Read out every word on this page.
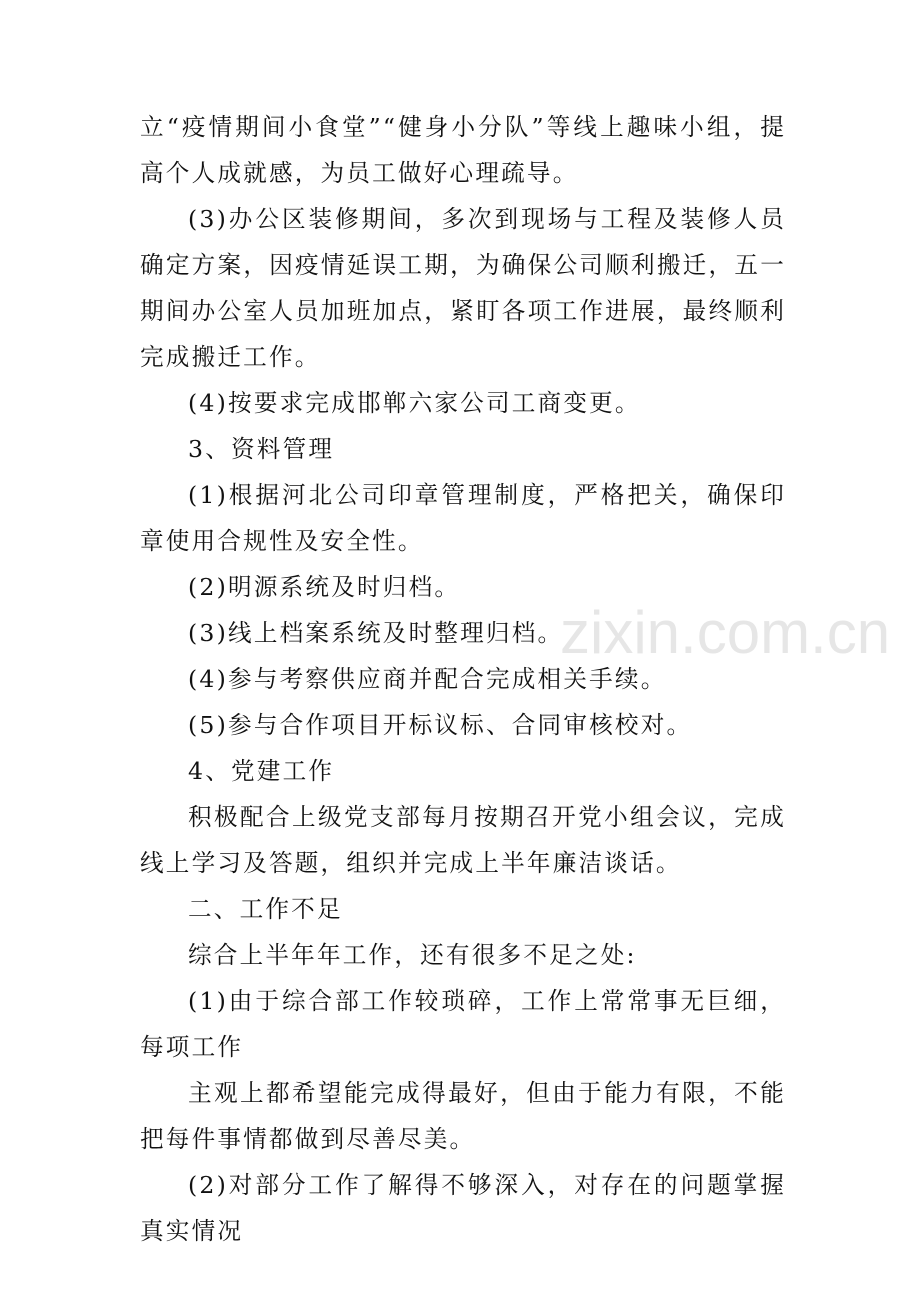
立“疫情期间小食堂”“健身小分队”等线上趣味小组，提高个人成就感，为员工做好心理疏导。

(3)办公区装修期间，多次到现场与工程及装修人员确定方案，因疫情延误工期，为确保公司顺利搬迁，五一期间办公室人员加班加点，紧盯各项工作进展，最终顺利完成搬迁工作。

(4)按要求完成邯郸六家公司工商变更。

3、资料管理

(1)根据河北公司印章管理制度，严格把关，确保印章使用合规性及安全性。

(2)明源系统及时归档。

(3)线上档案系统及时整理归档。

(4)参与考察供应商并配合完成相关手续。

(5)参与合作项目开标议标、合同审核校对。

4、党建工作

积极配合上级党支部每月按期召开党小组会议，完成线上学习及答题，组织并完成上半年廉洁谈话。

二、工作不足

综合上半年年工作，还有很多不足之处:

(1)由于综合部工作较琐碎，工作上常常事无巨细，每项工作

主观上都希望能完成得最好，但由于能力有限，不能把每件事情都做到尽善尽美。

(2)对部分工作了解得不够深入，对存在的问题掌握真实情况

zixin.com.cn
